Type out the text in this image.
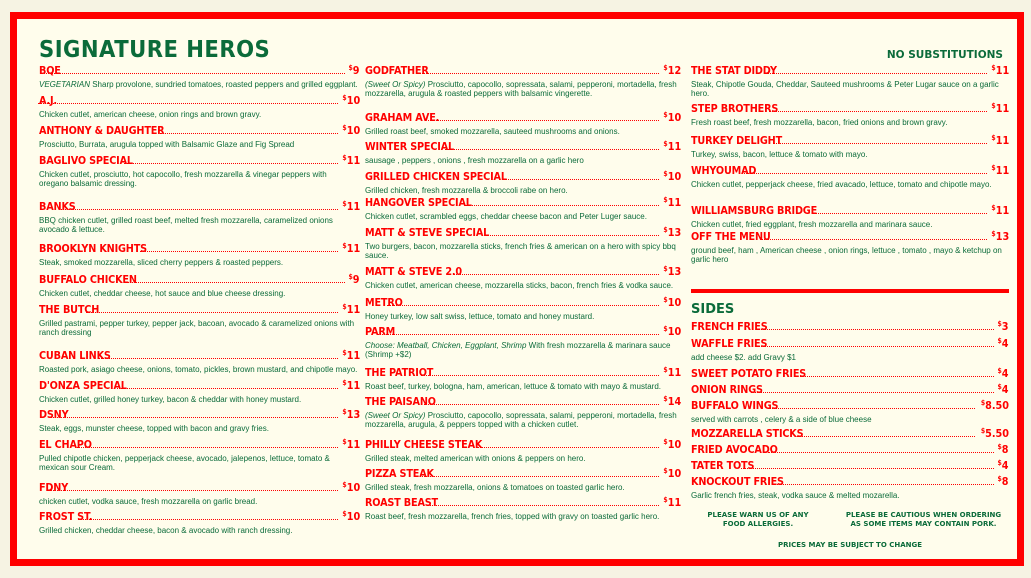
SIGNATURE HEROS
BQE	$9
VEGETARIAN Sharp provolone, sundried tomatoes, roasted peppers and grilled eggplant.
A.J.	$10
Chicken cutlet, american cheese, onion rings and brown gravy.
ANTHONY & DAUGHTER	$10
Prosciutto, Burrata, arugula topped with Balsamic Glaze and Fig Spread
BAGLIVO SPECIAL	$11
Chicken cutlet, prosciutto, hot capocollo, fresh mozzarella & vinegar peppers with oregano balsamic dressing.
BANKS	$11
BBQ chicken cutlet, grilled roast beef, melted fresh mozzarella, caramelized onions avocado & lettuce.
BROOKLYN KNIGHTS	$11
Steak, smoked mozzarella, sliced cherry peppers & roasted peppers.
BUFFALO CHICKEN	$9
Chicken cutlet, cheddar cheese, hot sauce and blue cheese dressing.
THE BUTCH	$11
Grilled pastrami, pepper turkey, pepper jack, bacoan, avocado & caramelized onions with ranch dressing
CUBAN LINKS	$11
Roasted pork, asiago cheese, onions, tomato, pickles, brown mustard, and chipotle mayo.
D'ONZA SPECIAL	$11
Chicken cutlet, grilled honey turkey, bacon & cheddar with honey mustard.
DSNY	$13
Steak, eggs, munster cheese, topped with bacon and gravy fries.
EL CHAPO	$11
Pulled chipotle chicken, pepperjack cheese, avocado, jalepenos, lettuce, tomato & mexican sour Cream.
FDNY	$10
chicken cutlet, vodka sauce, fresh mozzarella on garlic bread.
FROST ST.	$10
Grilled chicken, cheddar cheese, bacon & avocado with ranch dressing.
GODFATHER	$12
(Sweet Or Spicy) Prosciutto, capocollo, sopressata, salami, pepperoni, mortadella, fresh mozzarella, arugula & roasted peppers with balsamic vingerette.
GRAHAM AVE.	$10
Grilled roast beef, smoked mozzarella, sauteed mushrooms and onions.
WINTER SPECIAL	$11
sausage , peppers , onions , fresh mozzarella on a garlic hero
GRILLED CHICKEN SPECIAL	$10
Grilled chicken, fresh mozzarella & broccoli rabe on hero.
HANGOVER SPECIAL	$11
Chicken cutlet, scrambled eggs, cheddar cheese bacon and Peter Luger sauce.
MATT & STEVE SPECIAL	$13
Two burgers, bacon, mozzarella sticks, french fries & american on a hero with spicy bbq sauce.
MATT & STEVE 2.0	$13
Chicken cutlet, american cheese, mozzarella sticks, bacon, french fries & vodka sauce.
METRO	$10
Honey turkey, low salt swiss, lettuce, tomato and honey mustard.
PARM	$10
Choose: Meatball, Chicken, Eggplant, Shrimp With fresh mozzarella & marinara sauce (Shrimp +$2)
THE PATRIOT	$11
Roast beef, turkey, bologna, ham, american, lettuce & tomato with mayo & mustard.
THE PAISANO	$14
(Sweet Or Spicy) Prosciutto, capocollo, sopressata, salami, pepperoni, mortadella, fresh mozzarella, arugula, & peppers topped with a chicken cutlet.
PHILLY CHEESE STEAK	$10
Grilled steak, melted american with onions & peppers on hero.
PIZZA STEAK	$10
Grilled steak, fresh mozzarella, onions & tomatoes on toasted garlic hero.
ROAST BEAST	$11
Roast beef, fresh mozzarella, french fries, topped with gravy on toasted garlic hero.
NO SUBSTITUTIONS
SIDES
FRENCH FRIES	$3
WAFFLE FRIES	$4
add cheese $2. add Gravy $1
SWEET POTATO FRIES	$4
ONION RINGS	$4
BUFFALO WINGS	$8.50
served with carrots , celery & a side of blue cheese
MOZZARELLA STICKS	$5.50
FRIED AVOCADO	$8
TATER TOTS	$4
KNOCKOUT FRIES	$8
Garlic french fries, steak, vodka sauce & melted mozarella.
PLEASE WARN US OF ANY FOOD ALLERGIES.
PLEASE BE CAUTIOUS WHEN ORDERING AS SOME ITEMS MAY CONTAIN PORK.
PRICES MAY BE SUBJECT TO CHANGE
THE STAT DIDDY	$11
Steak, Chipotle Gouda, Cheddar, Sauteed mushrooms & Peter Lugar sauce on a garlic hero.
STEP BROTHERS	$11
Fresh roast beef, fresh mozzarella, bacon, fried onions and brown gravy.
TURKEY DELIGHT	$11
Turkey, swiss, bacon, lettuce & tomato with mayo.
WHYOUMAD	$11
Chicken cutlet, pepperjack cheese, fried avacado, lettuce, tomato and chipotle mayo.
WILLIAMSBURG BRIDGE	$11
Chicken cutlet, fried eggplant, fresh mozzarella and marinara sauce.
OFF THE MENU	$13
ground beef, ham , American cheese , onion rings, lettuce , tomato , mayo & ketchup on garlic hero
